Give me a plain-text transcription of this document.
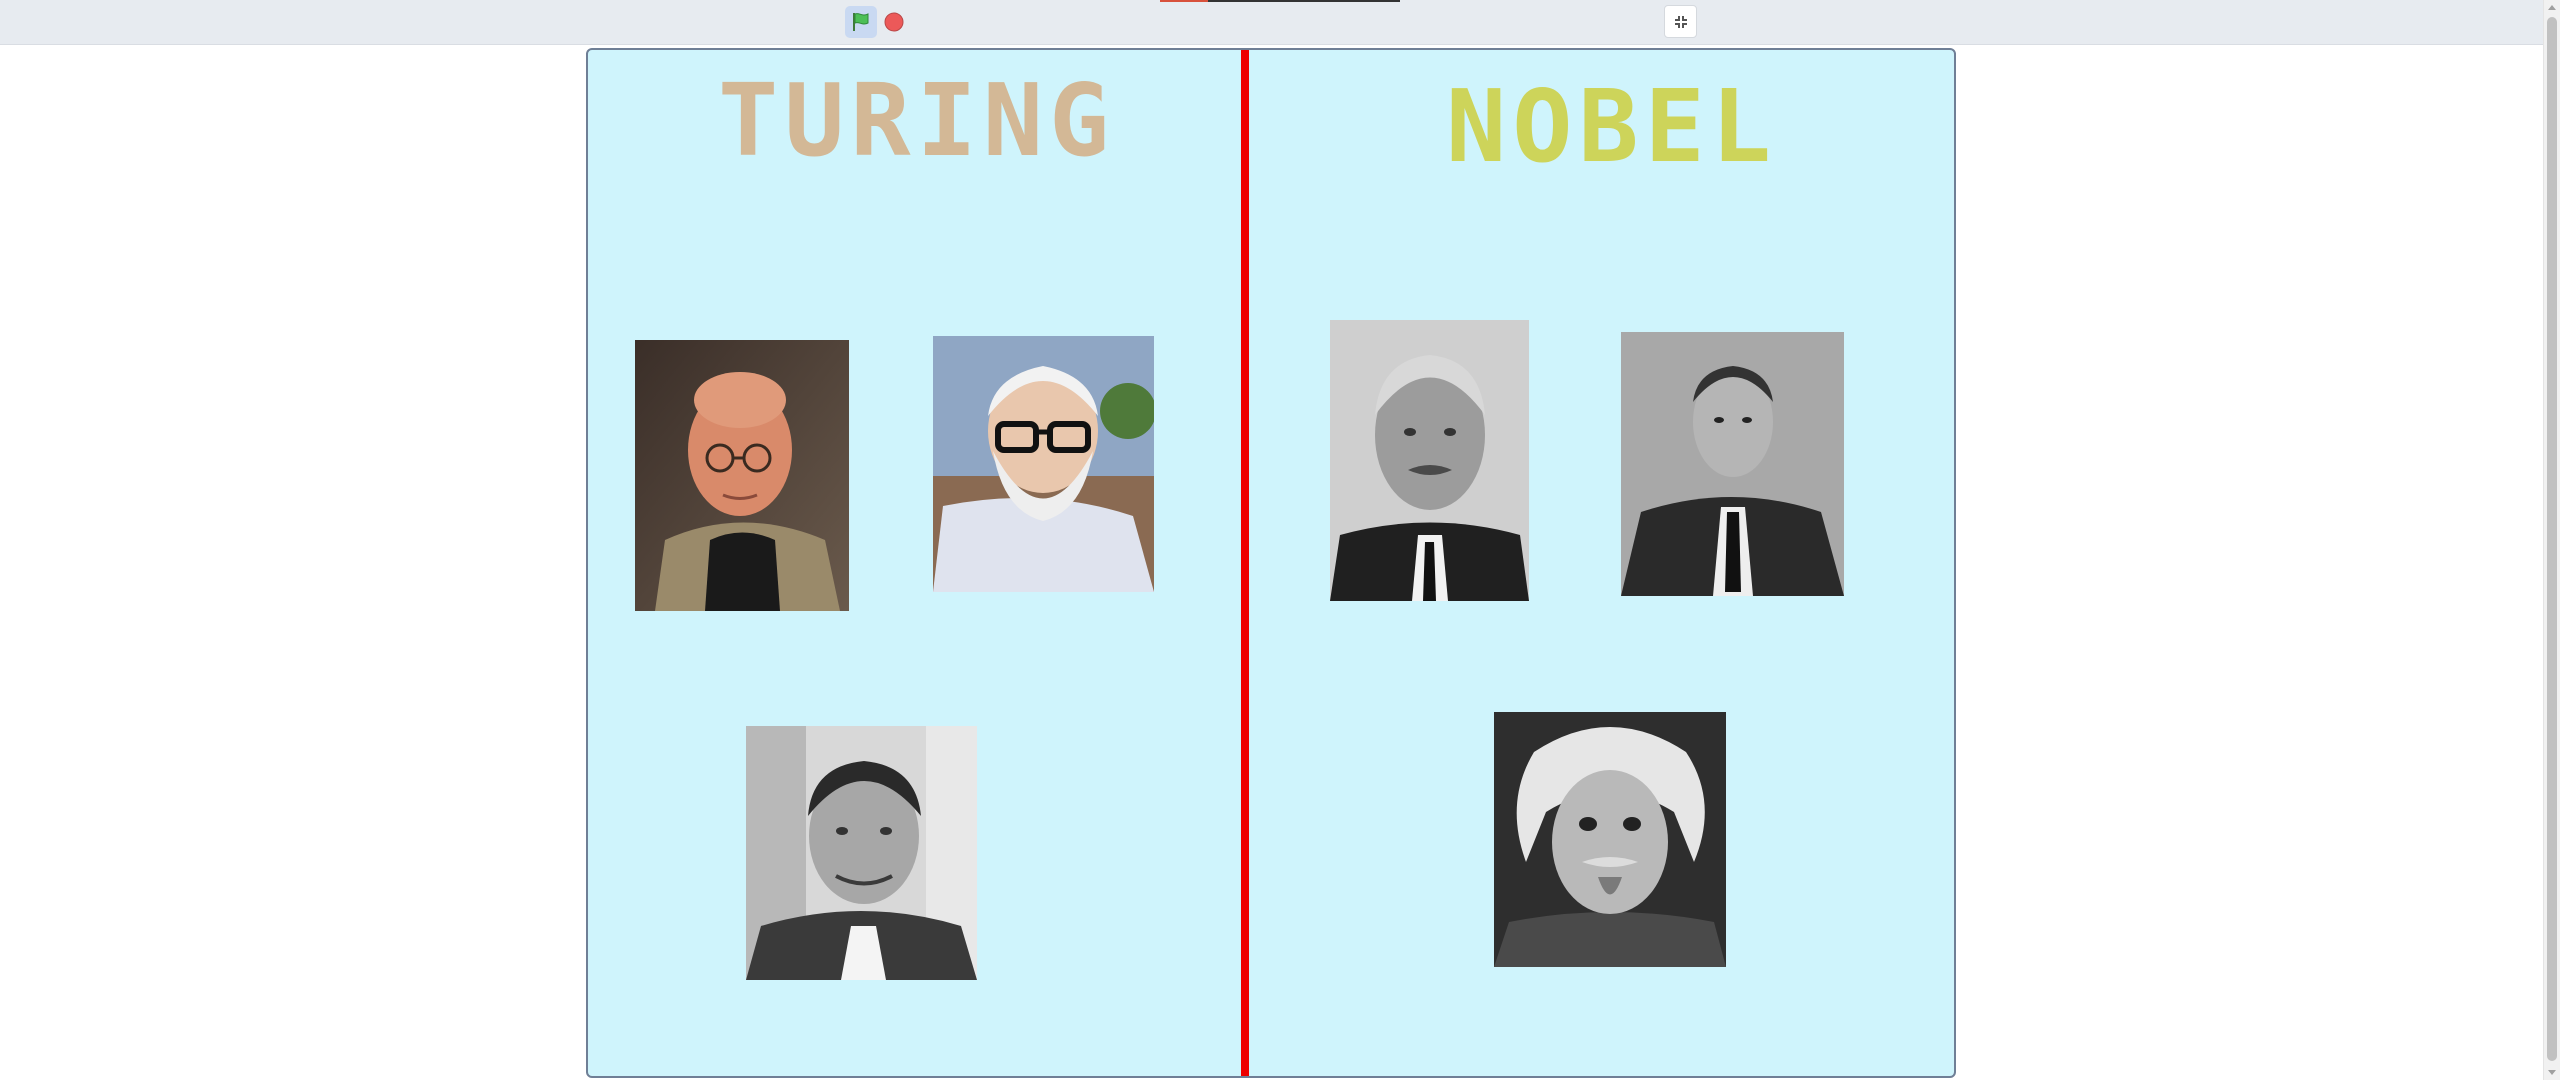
TURING	NOBEL
